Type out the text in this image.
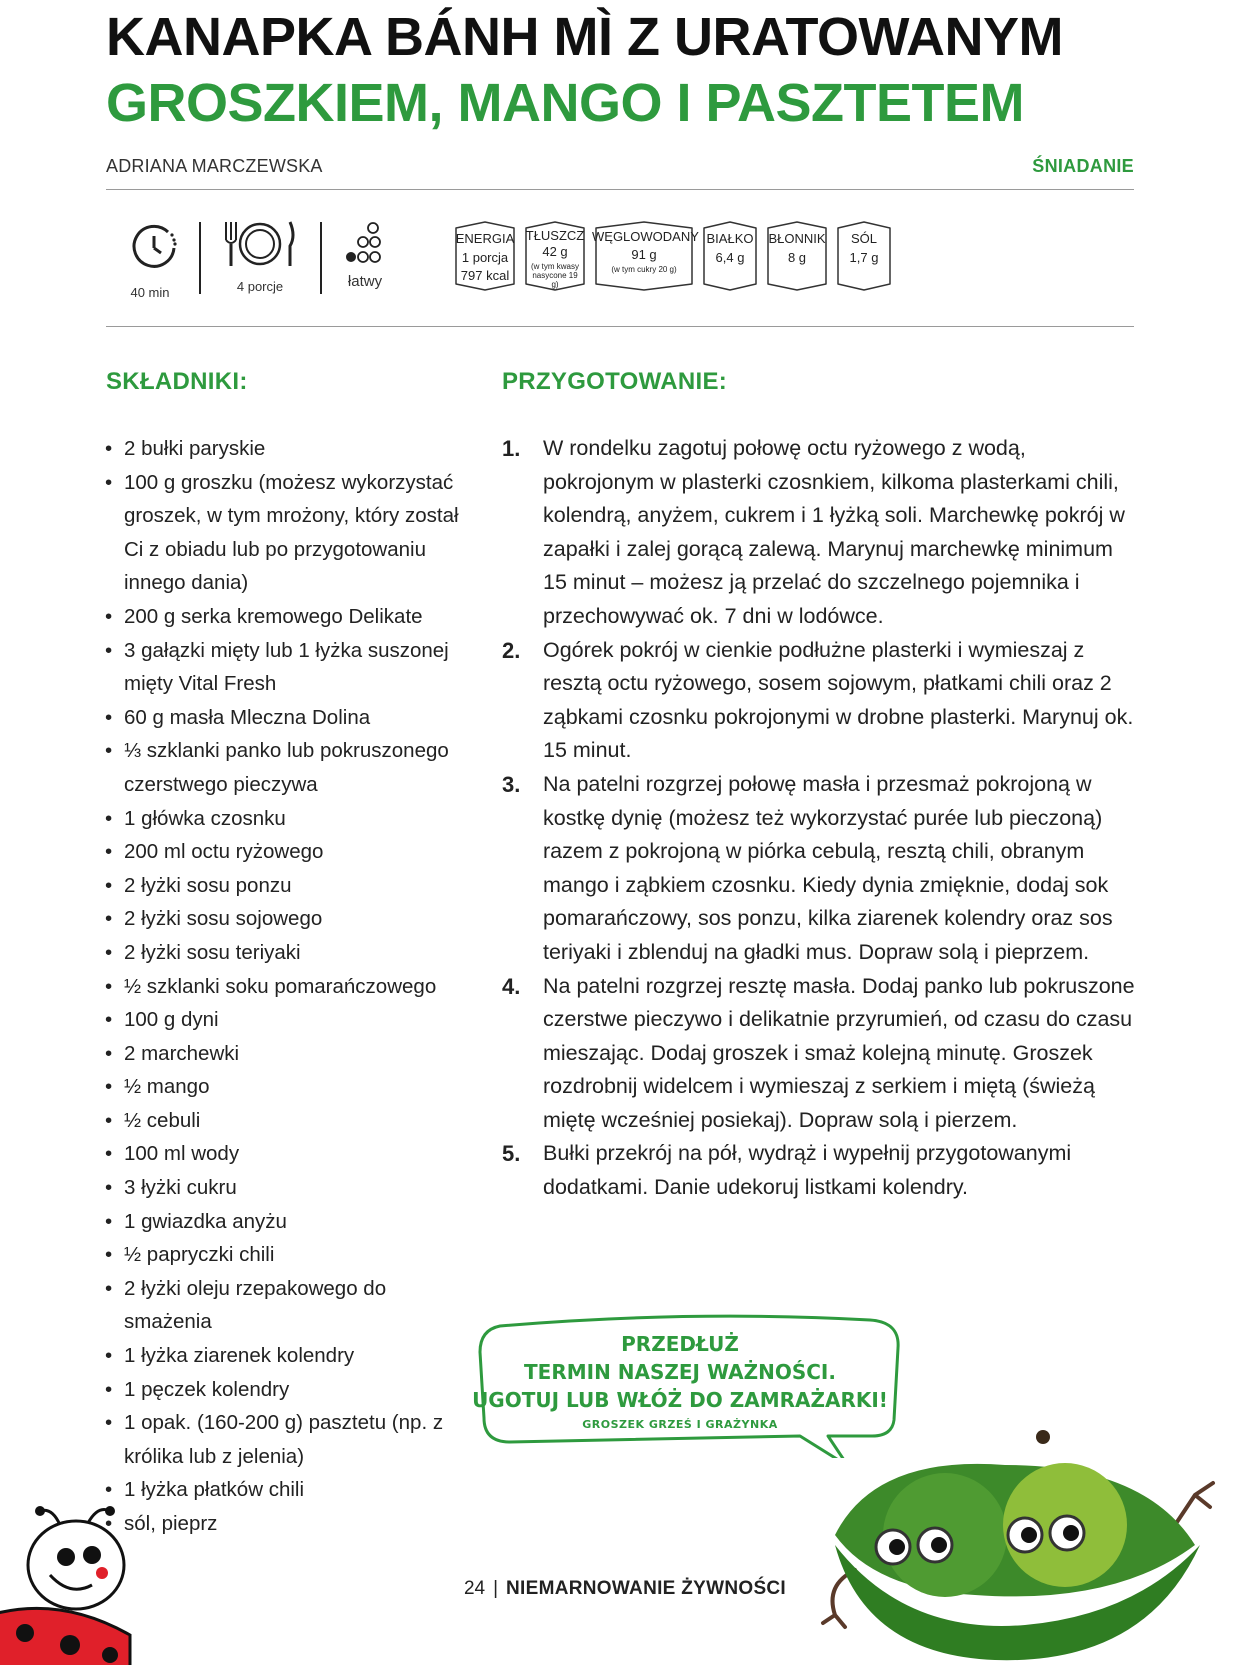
KANAPKA BÁNH MÌ Z URATOWANYM
GROSZKIEM, MANGO I PASZTETEM
ADRIANA MARCZEWSKA	ŚNIADANIE
40 min	4 porcje	łatwy
ENERGIA
1 porcja
797 kcal
TŁUSZCZ
42 g
(w tym kwasy nasycone 19 g)
WĘGLOWODANY
91 g
(w tym cukry 20 g)
BIAŁKO
6,4 g
BŁONNIK
8 g
SÓL
1,7 g
SKŁADNIKI:	PRZYGOTOWANIE:
• 2 bułki paryskie
• 100 g groszku (możesz wykorzystać groszek, w tym mrożony, który został Ci z obiadu lub po przygotowaniu innego dania)
• 200 g serka kremowego Delikate
• 3 gałązki mięty lub 1 łyżka suszonej mięty Vital Fresh
• 60 g masła Mleczna Dolina
• ⅓ szklanki panko lub pokruszonego czerstwego pieczywa
• 1 główka czosnku
• 200 ml octu ryżowego
• 2 łyżki sosu ponzu
• 2 łyżki sosu sojowego
• 2 łyżki sosu teriyaki
• ½ szklanki soku pomarańczowego
• 100 g dyni
• 2 marchewki
• ½ mango
• ½ cebuli
• 100 ml wody
• 3 łyżki cukru
• 1 gwiazdka anyżu
• ½ papryczki chili
• 2 łyżki oleju rzepakowego do smażenia
• 1 łyżka ziarenek kolendry
• 1 pęczek kolendry
• 1 opak. (160-200 g) pasztetu (np. z królika lub z jelenia)
• 1 łyżka płatków chili
• sól, pieprz
1. W rondelku zagotuj połowę octu ryżowego z wodą, pokrojonym w plasterki czosnkiem, kilkoma plasterkami chili, kolendrą, anyżem, cukrem i 1 łyżką soli. Marchewkę pokrój w zapałki i zalej gorącą zalewą. Marynuj marchewkę minimum 15 minut – możesz ją przelać do szczelnego pojemnika i przechowywać ok. 7 dni w lodówce.
2. Ogórek pokrój w cienkie podłużne plasterki i wymieszaj z resztą octu ryżowego, sosem sojowym, płatkami chili oraz 2 ząbkami czosnku pokrojonymi w drobne plasterki. Marynuj ok. 15 minut.
3. Na patelni rozgrzej połowę masła i przesmaż pokrojoną w kostkę dynię (możesz też wykorzystać purée lub pieczoną) razem z pokrojoną w piórka cebulą, resztą chili, obranym mango i ząbkiem czosnku. Kiedy dynia zmięknie, dodaj sok pomarańczowy, sos ponzu, kilka ziarenek kolendry oraz sos teriyaki i zblenduj na gładki mus. Dopraw solą i pieprzem.
4. Na patelni rozgrzej resztę masła. Dodaj panko lub pokruszone czerstwe pieczywo i delikatnie przyrumień, od czasu do czasu mieszając. Dodaj groszek i smaż kolejną minutę. Groszek rozdrobnij widelcem i wymieszaj z serkiem i miętą (świeżą miętę wcześniej posiekaj). Dopraw solą i pierzem.
5. Bułki przekrój na pół, wydrąż i wypełnij przygotowanymi dodatkami. Danie udekoruj listkami kolendry.
PRZEDŁUŻ
TERMIN NASZEJ WAŻNOŚCI.
UGOTUJ LUB WŁÓŻ DO ZAMRAŻARKI!
GROSZEK GRZEŚ I GRAŻYNKA
24 | NIEMARNOWANIE ŻYWNOŚCI
